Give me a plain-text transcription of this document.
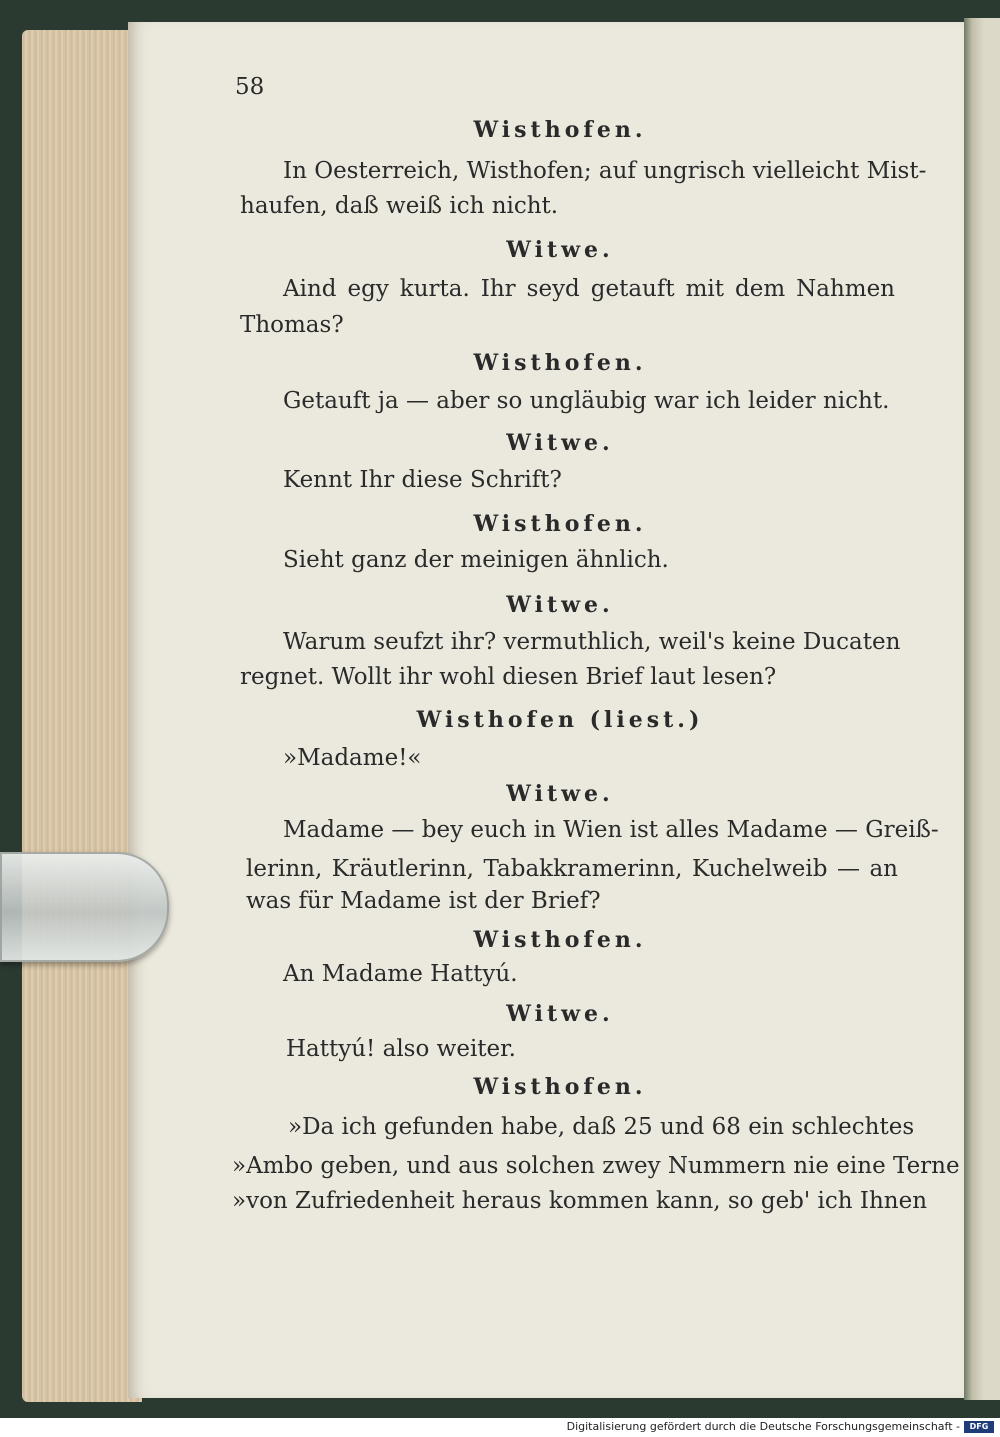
58
Wisthofen.
In Oesterreich, Wisthofen; auf ungrisch vielleicht Mist-
haufen, daß weiß ich nicht.
Witwe.
Aind egy kurta. Ihr seyd getauft mit dem Nahmen
Thomas?
Wisthofen.
Getauft ja — aber so ungläubig war ich leider nicht.
Witwe.
Kennt Ihr diese Schrift?
Wisthofen.
Sieht ganz der meinigen ähnlich.
Witwe.
Warum seufzt ihr? vermuthlich, weil's keine Ducaten
regnet. Wollt ihr wohl diesen Brief laut lesen?
Wisthofen (liest.)
»Madame!«
Witwe.
Madame — bey euch in Wien ist alles Madame — Greiß-
lerinn, Kräutlerinn, Tabakkramerinn, Kuchelweib — an
was für Madame ist der Brief?
Wisthofen.
An Madame Hattyú.
Witwe.
Hattyú! also weiter.
Wisthofen.
»Da ich gefunden habe, daß 25 und 68 ein schlechtes
»Ambo geben, und aus solchen zwey Nummern nie eine Terne
»von Zufriedenheit heraus kommen kann, so geb' ich Ihnen
Digitalisierung gefördert durch die Deutsche Forschungsgemeinschaft -	DFG
